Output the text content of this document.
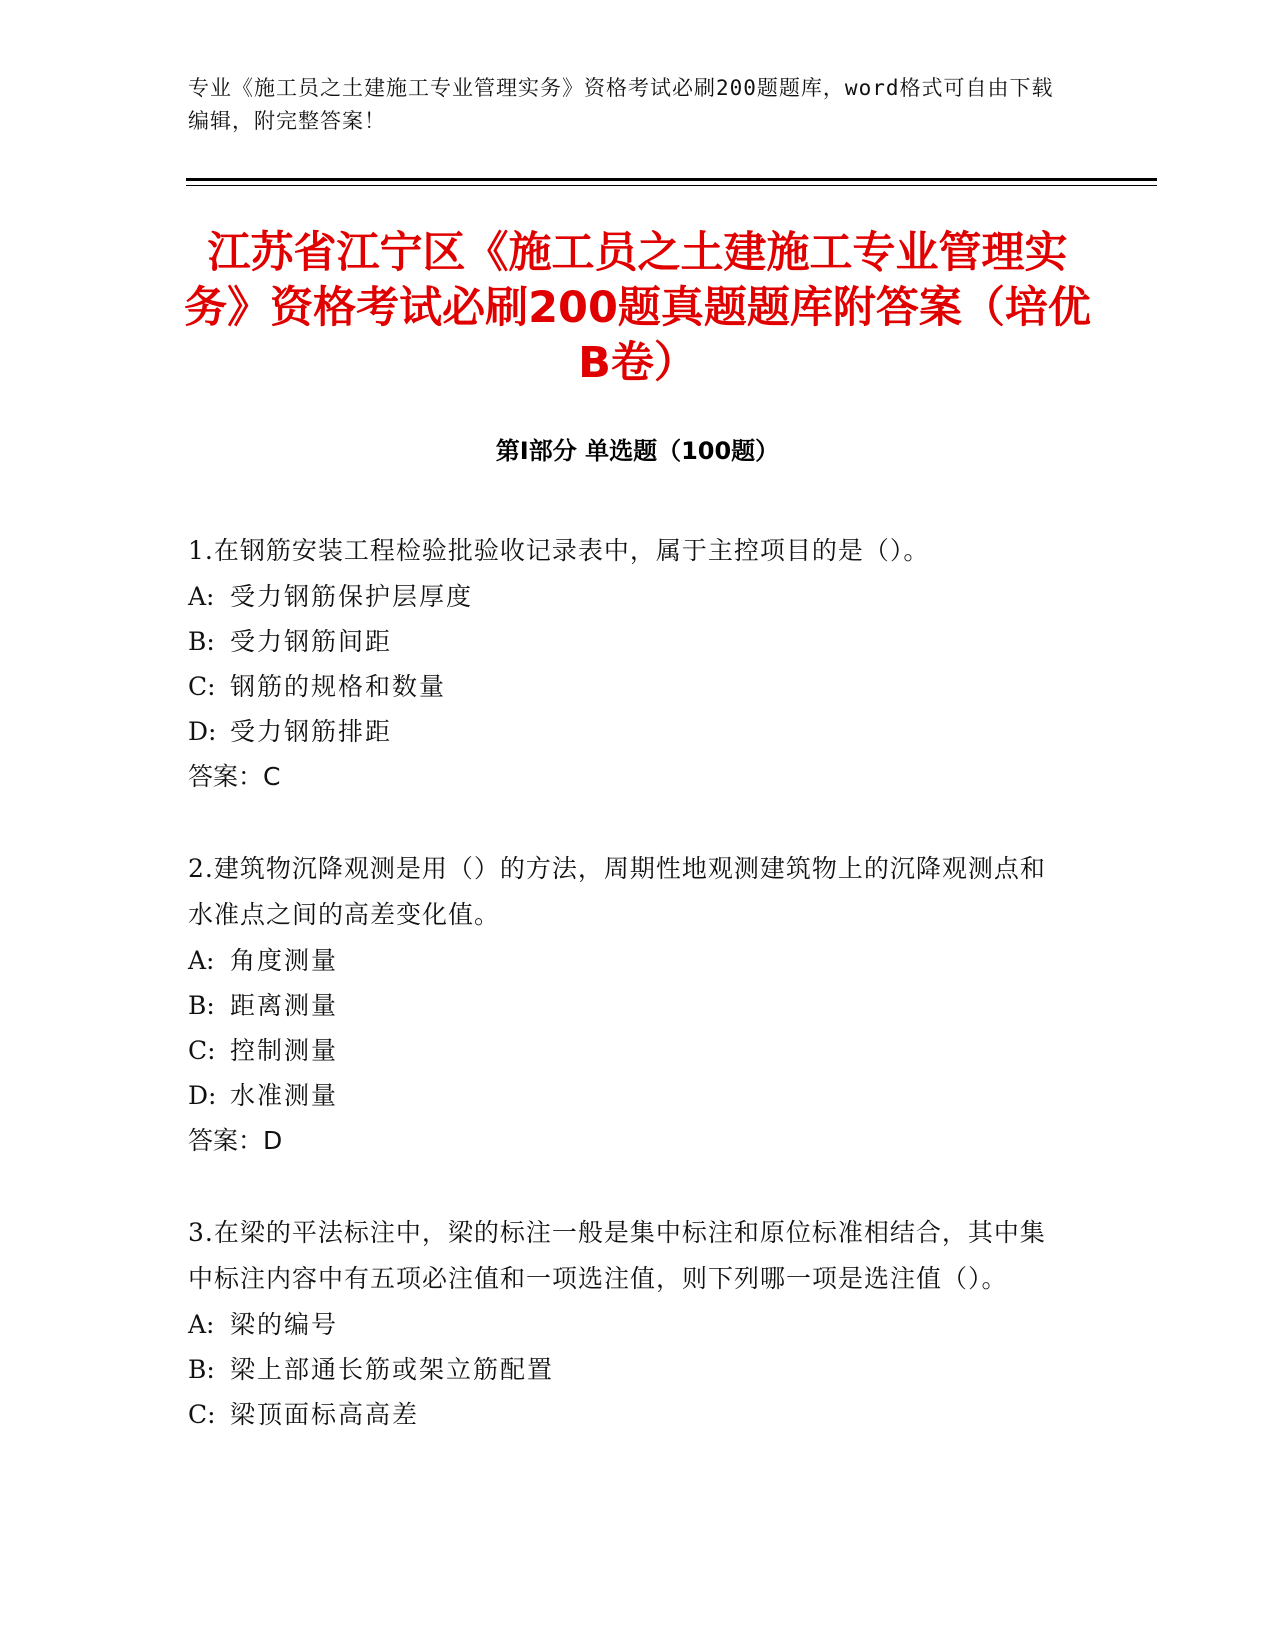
专业《施工员之土建施工专业管理实务》资格考试必刷200题题库，word格式可自由下载编辑，附完整答案！
江苏省江宁区《施工员之土建施工专业管理实务》资格考试必刷200题真题题库附答案（培优B卷）
第Ⅰ部分 单选题（100题）
1.在钢筋安装工程检验批验收记录表中，属于主控项目的是（）。
A: 受力钢筋保护层厚度
B: 受力钢筋间距
C: 钢筋的规格和数量
D: 受力钢筋排距
答案：C
2.建筑物沉降观测是用（）的方法，周期性地观测建筑物上的沉降观测点和水准点之间的高差变化值。
A: 角度测量
B: 距离测量
C: 控制测量
D: 水准测量
答案：D
3.在梁的平法标注中，梁的标注一般是集中标注和原位标准相结合，其中集中标注内容中有五项必注值和一项选注值，则下列哪一项是选注值（）。
A: 梁的编号
B: 梁上部通长筋或架立筋配置
C: 梁顶面标高高差
